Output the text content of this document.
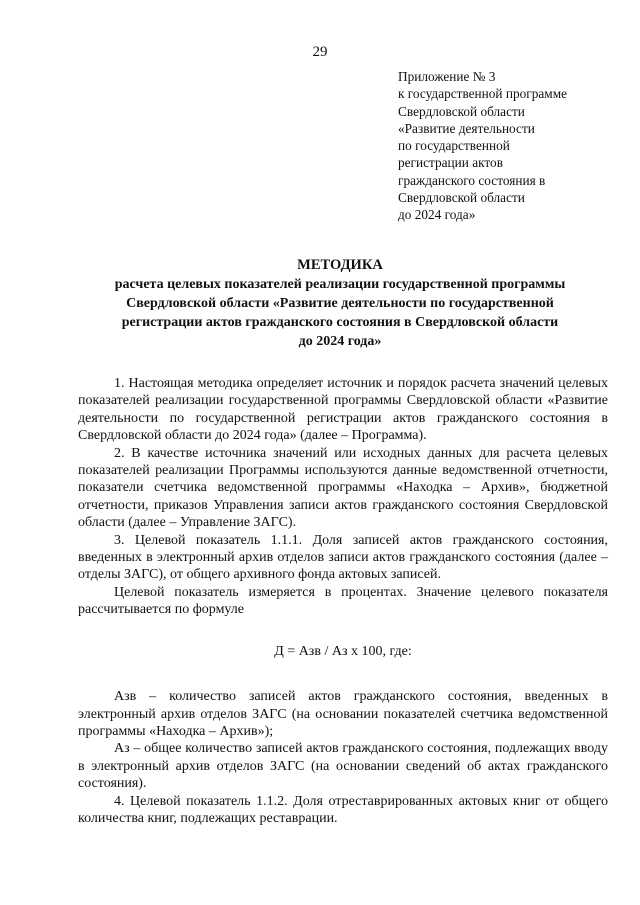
29
Приложение № 3
к государственной программе
Свердловской области
«Развитие деятельности
по государственной
регистрации актов
гражданского состояния в
Свердловской области
до 2024 года»
МЕТОДИКА
расчета целевых показателей реализации государственной программы
Свердловской области «Развитие деятельности по государственной
регистрации актов гражданского состояния в Свердловской области
до 2024 года»

1. Настоящая методика определяет источник и порядок расчета значений целевых показателей реализации государственной программы Свердловской области «Развитие деятельности по государственной регистрации актов гражданского состояния в Свердловской области до 2024 года» (далее – Программа).

2. В качестве источника значений или исходных данных для расчета целевых показателей реализации Программы используются данные ведомственной отчетности, показатели счетчика ведомственной программы «Находка – Архив», бюджетной отчетности, приказов Управления записи актов гражданского состояния Свердловской области (далее – Управление ЗАГС).

3. Целевой показатель 1.1.1. Доля записей актов гражданского состояния, введенных в электронный архив отделов записи актов гражданского состояния (далее – отделы ЗАГС), от общего архивного фонда актовых записей.

Целевой показатель измеряется в процентах. Значение целевого показателя рассчитывается по формуле

Д = Азв / Аз х 100, где:

Азв – количество записей актов гражданского состояния, введенных в электронный архив отделов ЗАГС (на основании показателей счетчика ведомственной программы «Находка – Архив»);

Аз – общее количество записей актов гражданского состояния, подлежащих вводу в электронный архив отделов ЗАГС (на основании сведений об актах гражданского состояния).

4. Целевой показатель 1.1.2. Доля отреставрированных актовых книг от общего количества книг, подлежащих реставрации.
